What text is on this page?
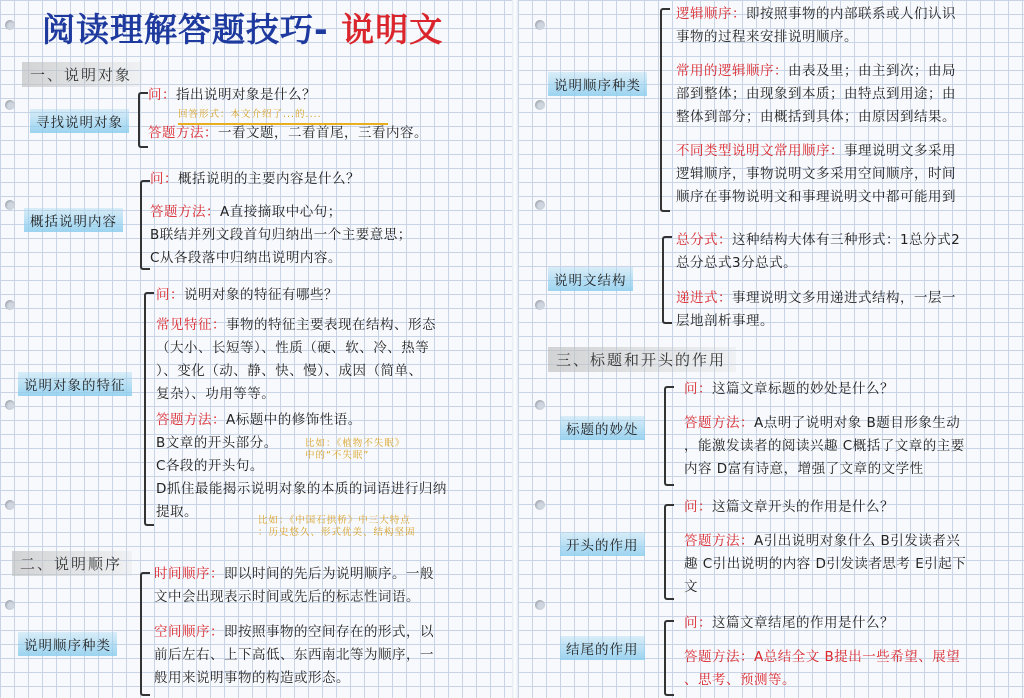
阅读理解答题技巧- 说明文
一、说明对象
寻找说明对象

问：指出说明对象是什么？

答题方法：一看文题，二看首尾，三看内容。

回答形式：本文介绍了...的....
概括说明内容

问：概括说明的主要内容是什么？

答题方法：A直接摘取中心句；

B联结并列文段首句归纳出一个主要意思；

C从各段落中归纳出说明内容。

说明对象的特征

问：说明对象的特征有哪些？

常见特征：事物的特征主要表现在结构、形态

（大小、长短等）、性质（硬、软、冷、热等

）、变化（动、静、快、慢）、成因（简单、

复杂）、功用等等。

答题方法：A标题中的修饰性语。

B文章的开头部分。

C各段的开头句。

D抓住最能揭示说明对象的本质的词语进行归纳

提取。

比如：《植物不失眠》
中的“不失眠”
比如：《中国石拱桥》中三大特点
：历史悠久、形式优美、结构坚固
二、说明顺序
说明顺序种类

时间顺序：即以时间的先后为说明顺序。一般

文中会出现表示时间或先后的标志性词语。

空间顺序：即按照事物的空间存在的形式，以

前后左右、上下高低、东西南北等为顺序，一

般用来说明事物的构造或形态。

说明顺序种类

逻辑顺序：即按照事物的内部联系或人们认识

事物的过程来安排说明顺序。

常用的逻辑顺序：由表及里；由主到次；由局

部到整体；由现象到本质；由特点到用途；由

整体到部分；由概括到具体；由原因到结果。

不同类型说明文常用顺序：事理说明文多采用

逻辑顺序，事物说明文多采用空间顺序，时间

顺序在事物说明文和事理说明文中都可能用到

说明文结构

总分式：这种结构大体有三种形式：1总分式2

总分总式3分总式。

递进式：事理说明文多用递进式结构，一层一

层地剖析事理。

三、标题和开头的作用
标题的妙处

问：这篇文章标题的妙处是什么？

答题方法：A点明了说明对象 B题目形象生动

，能激发读者的阅读兴趣 C概括了文章的主要

内容 D富有诗意，增强了文章的文学性

开头的作用

问：这篇文章开头的作用是什么？

答题方法：A引出说明对象什么 B引发读者兴

趣 C引出说明的内容 D引发读者思考 E引起下

文

结尾的作用

问：这篇文章结尾的作用是什么？

答题方法：A总结全文 B提出一些希望、展望

、思考、预测等。
